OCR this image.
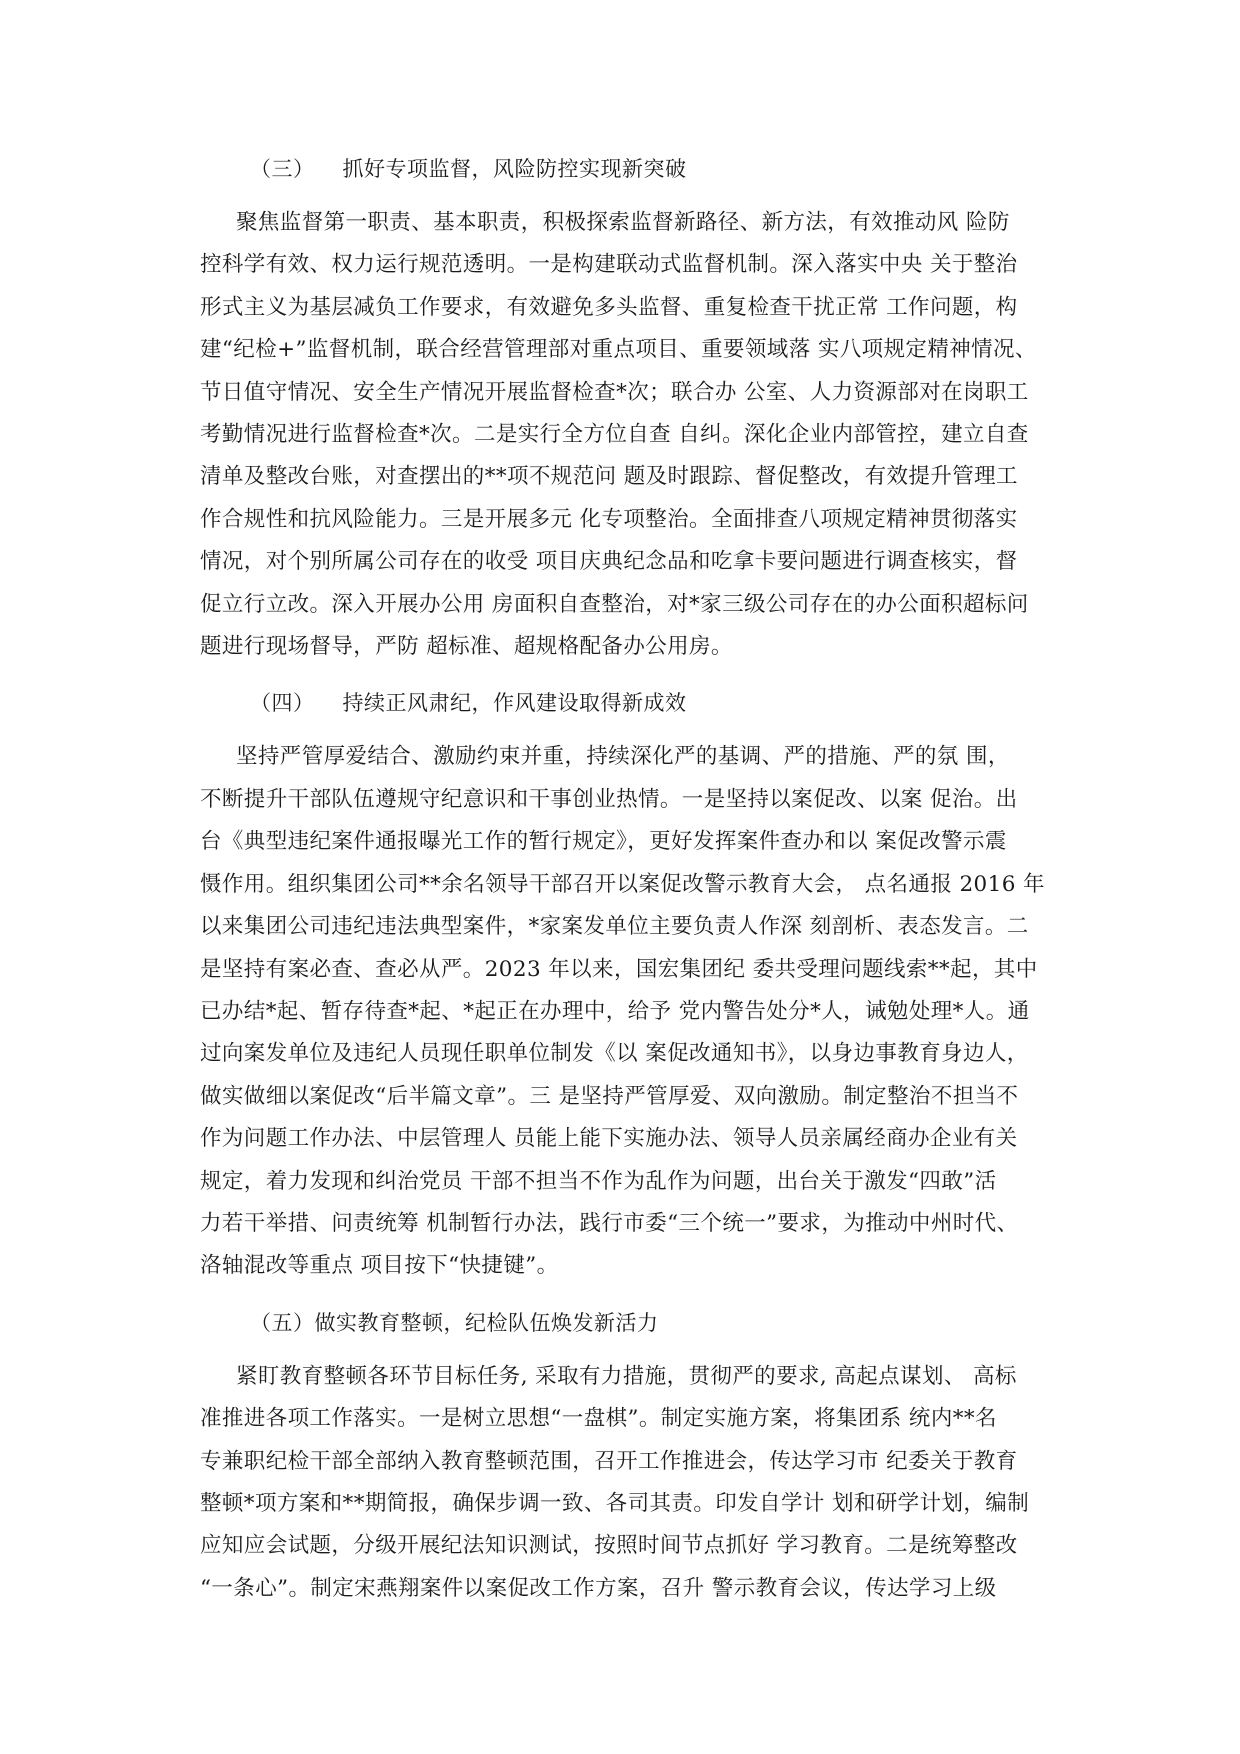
（三） 抓好专项监督，风险防控实现新突破
聚焦监督第一职责、基本职责，积极探索监督新路径、新方法，有效推动风 险防
控科学有效、权力运行规范透明。一是构建联动式监督机制。深入落实中央 关于整治
形式主义为基层减负工作要求，有效避免多头监督、重复检查干扰正常 工作问题，构
建“纪检+”监督机制，联合经营管理部对重点项目、重要领域落 实八项规定精神情况、
节日值守情况、安全生产情况开展监督检查*次；联合办 公室、人力资源部对在岗职工
考勤情况进行监督检查*次。二是实行全方位自查 自纠。深化企业内部管控，建立自查
清单及整改台账，对查摆出的**项不规范问 题及时跟踪、督促整改，有效提升管理工
作合规性和抗风险能力。三是开展多元 化专项整治。全面排查八项规定精神贯彻落实
情况，对个别所属公司存在的收受 项目庆典纪念品和吃拿卡要问题进行调查核实，督
促立行立改。深入开展办公用 房面积自查整治，对*家三级公司存在的办公面积超标问
题进行现场督导，严防 超标准、超规格配备办公用房。
（四） 持续正风肃纪，作风建设取得新成效
坚持严管厚爱结合、激励约束并重，持续深化严的基调、严的措施、严的氛 围，
不断提升干部队伍遵规守纪意识和干事创业热情。一是坚持以案促改、以案 促治。出
台《典型违纪案件通报曝光工作的暂行规定》，更好发挥案件查办和以 案促改警示震
慑作用。组织集团公司**余名领导干部召开以案促改警示教育大会， 点名通报 2016 年
以来集团公司违纪违法典型案件，*家案发单位主要负责人作深 刻剖析、表态发言。二
是坚持有案必查、查必从严。2023 年以来，国宏集团纪 委共受理问题线索**起，其中
已办结*起、暂存待查*起、*起正在办理中，给予 党内警告处分*人，诫勉处理*人。通
过向案发单位及违纪人员现任职单位制发《以 案促改通知书》，以身边事教育身边人，
做实做细以案促改“后半篇文章”。三 是坚持严管厚爱、双向激励。制定整治不担当不
作为问题工作办法、中层管理人 员能上能下实施办法、领导人员亲属经商办企业有关
规定，着力发现和纠治党员 干部不担当不作为乱作为问题，出台关于激发“四敢”活
力若干举措、问责统筹 机制暂行办法，践行市委“三个统一”要求，为推动中州时代、
洛轴混改等重点 项目按下“快捷键”。
（五）做实教育整顿，纪检队伍焕发新活力
紧盯教育整顿各环节目标任务, 采取有力措施，贯彻严的要求, 高起点谋划、 高标
准推进各项工作落实。一是树立思想“一盘棋”。制定实施方案，将集团系 统内**名
专兼职纪检干部全部纳入教育整顿范围，召开工作推进会，传达学习市 纪委关于教育
整顿*项方案和**期简报，确保步调一致、各司其责。印发自学计 划和研学计划，编制
应知应会试题，分级开展纪法知识测试，按照时间节点抓好 学习教育。二是统筹整改
“一条心”。制定宋燕翔案件以案促改工作方案，召升 警示教育会议，传达学习上级
